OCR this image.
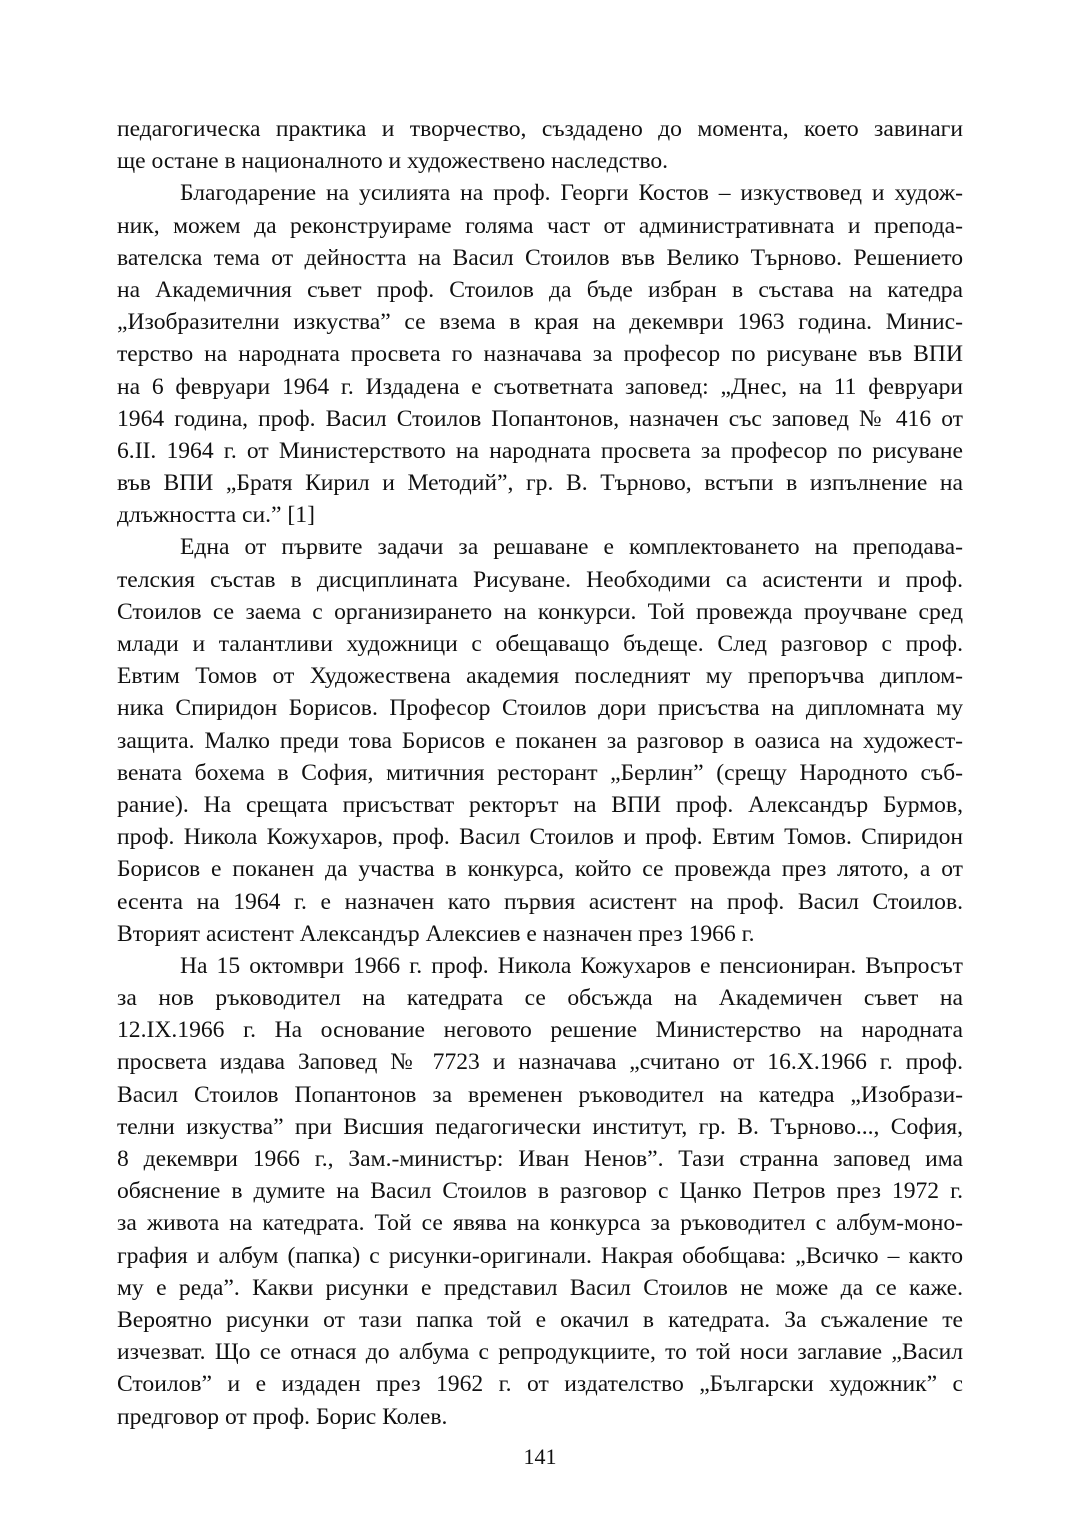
педагогическа практика и творчество, създадено до момента, което завинаги
ще остане в националното и художествено наследство.
Благодарение на усилията на проф. Георги Костов – изкуствовед и худож-
ник, можем да реконструираме голяма част от административната и препода-
вателска тема от дейността на Васил Стоилов във Велико Търново. Решението
на Академичния съвет проф. Стоилов да бъде избран в състава на катедра
„Изобразителни изкуства” се взема в края на декември 1963 година. Минис-
терство на народната просвета го назначава за професор по рисуване във ВПИ
на 6 февруари 1964 г. Издадена е съответната заповед: „Днес, на 11 февруари
1964 година, проф. Васил Стоилов Попантонов, назначен със заповед № 416 от
6.II. 1964 г. от Министерството на народната просвета за професор по рисуване
във ВПИ „Братя Кирил и Методий”, гр. В. Търново, встъпи в изпълнение на
длъжността си.” [1]
Една от първите задачи за решаване е комплектоването на преподава-
телския състав в дисциплината Рисуване. Необходими са асистенти и проф.
Стоилов се заема с организирането на конкурси. Той провежда проучване сред
млади и талантливи художници с обещаващо бъдеще. След разговор с проф.
Евтим Томов от Художествена академия последният му препоръчва диплом-
ника Спиридон Борисов. Професор Стоилов дори присъства на дипломната му
защита. Малко преди това Борисов е поканен за разговор в оазиса на художест-
вената бохема в София, митичния ресторант „Берлин” (срещу Народното съб-
рание). На срещата присъстват ректорът на ВПИ проф. Александър Бурмов,
проф. Никола Кожухаров, проф. Васил Стоилов и проф. Евтим Томов. Спиридон
Борисов е поканен да участва в конкурса, който се провежда през лятото, а от
есента на 1964 г. е назначен като първия асистент на проф. Васил Стоилов.
Вторият асистент Александър Алексиев е назначен през 1966 г.
На 15 октомври 1966 г. проф. Никола Кожухаров е пенсиониран. Въпросът
за нов ръководител на катедрата се обсъжда на Академичен съвет на
12.IX.1966 г. На основание неговото решение Министерство на народната
просвета издава Заповед № 7723 и назначава „считано от 16.X.1966 г. проф.
Васил Стоилов Попантонов за временен ръководител на катедра „Изобрази-
телни изкуства” при Висшия педагогически институт, гр. В. Търново..., София,
8 декември 1966 г., Зам.-министър: Иван Ненов”. Тази странна заповед има
обяснение в думите на Васил Стоилов в разговор с Цанко Петров през 1972 г.
за живота на катедрата. Той се явява на конкурса за ръководител с албум-моно-
графия и албум (папка) с рисунки-оригинали. Накрая обобщава: „Всичко – както
му е реда”. Какви рисунки е представил Васил Стоилов не може да се каже.
Вероятно рисунки от тази папка той е окачил в катедрата. За съжаление те
изчезват. Що се отнася до албума с репродукциите, то той носи заглавие „Васил
Стоилов” и е издаден през 1962 г. от издателство „Български художник” с
предговор от проф. Борис Колев.
141
